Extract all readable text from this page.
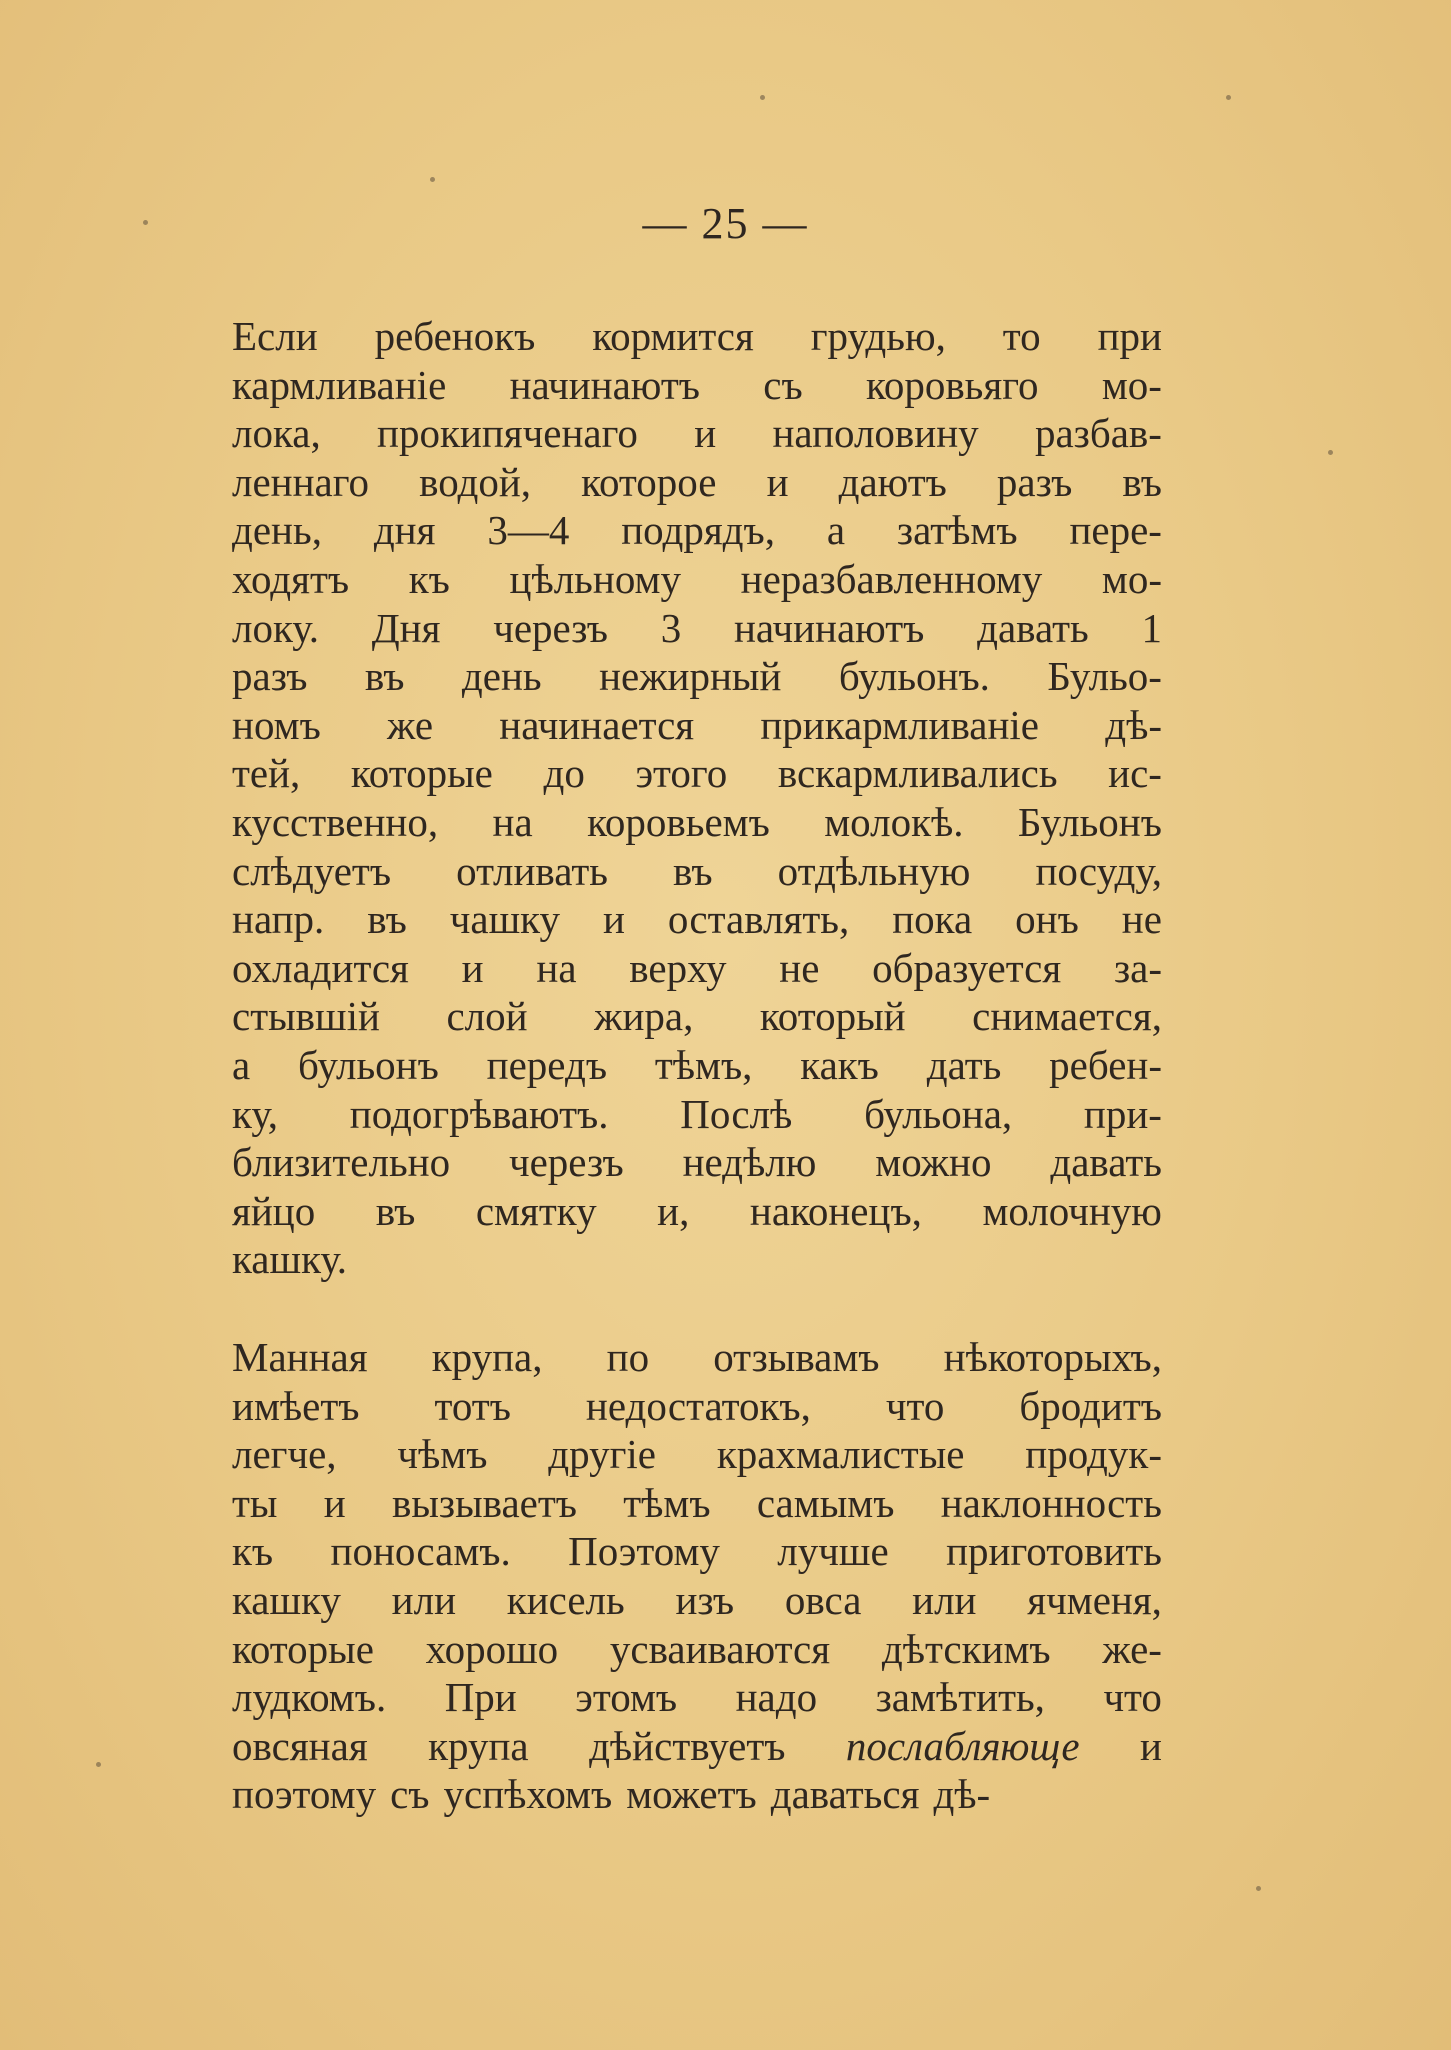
— 25 —
Если ребенокъ кормится грудью, то при
кармливаніе начинаютъ съ коровьяго мо-
лока, прокипяченаго и наполовину разбав-
леннаго водой, которое и даютъ разъ въ
день, дня 3—4 подрядъ, а затѣмъ пере-
ходятъ къ цѣльному неразбавленному мо-
локу. Дня черезъ 3 начинаютъ давать 1
разъ въ день нежирный бульонъ. Бульо-
номъ же начинается прикармливаніе дѣ-
тей, которые до этого вскармливались ис-
кусственно, на коровьемъ молокѣ. Бульонъ
слѣдуетъ отливать въ отдѣльную посуду,
напр. въ чашку и оставлять, пока онъ не
охладится и на верху не образуется за-
стывшій слой жира, который снимается,
а бульонъ передъ тѣмъ, какъ дать ребен-
ку, подогрѣваютъ. Послѣ бульона, при-
близительно черезъ недѣлю можно давать
яйцо въ смятку и, наконецъ, молочную
кашку.
Манная крупа, по отзывамъ нѣкоторыхъ,
имѣетъ тотъ недостатокъ, что бродитъ
легче, чѣмъ другіе крахмалистые продук-
ты и вызываетъ тѣмъ самымъ наклонность
къ поносамъ. Поэтому лучше приготовить
кашку или кисель изъ овса или ячменя,
которые хорошо усваиваются дѣтскимъ же-
лудкомъ. При этомъ надо замѣтить, что
овсяная крупа дѣйствуетъ послабляюще и
поэтому съ успѣхомъ можетъ даваться дѣ-
